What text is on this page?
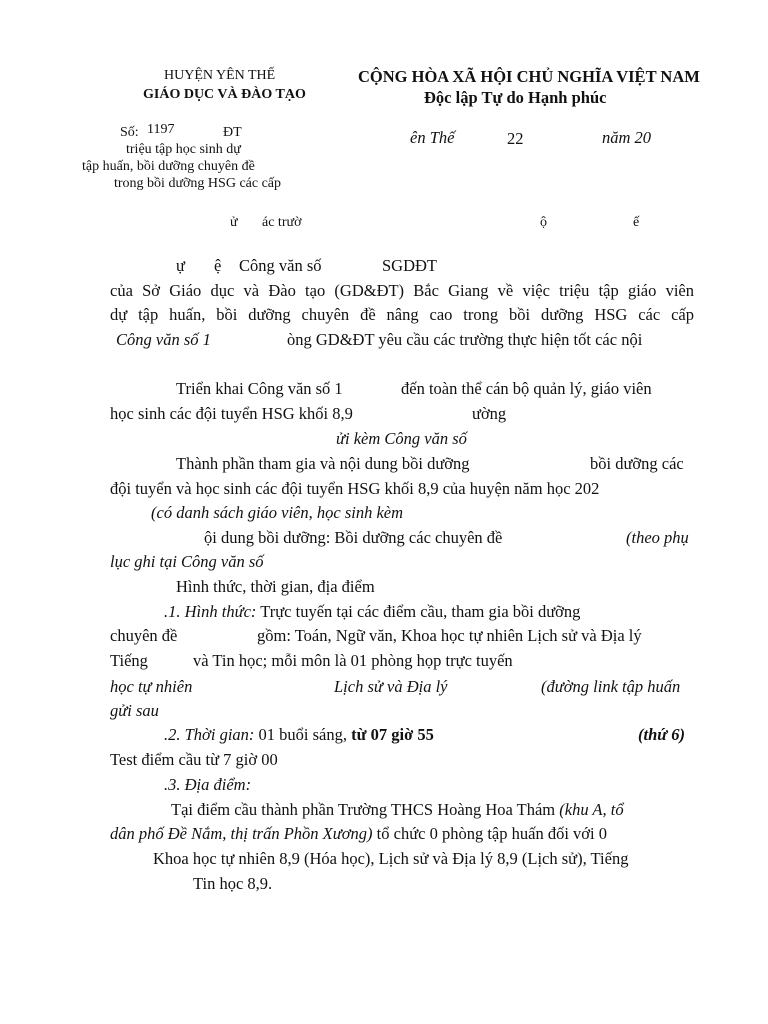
HUYỆN YÊN THẾ
GIÁO DỤC VÀ ĐÀO TẠO
CỘNG HÒA XÃ HỘI CHỦ NGHĨA VIỆT NAM
Độc lập Tự do Hạnh phúc
Số: 1197	ĐT
triệu tập học sinh dự
tập huấn, bồi dưỡng chuyên đề
trong bồi dưỡng HSG các cấp
ên Thế	22	năm 20
ử ác trườ	ộ	ế
ự ệ Công văn số	SGDĐT
của Sở Giáo dục và Đào tạo (GD&ĐT) Bắc Giang về việc triệu tập giáo viên
dự tập huấn, bồi dưỡng chuyên đề nâng cao trong bồi dưỡng HSG các cấp
Công văn số 1	òng GD&ĐT yêu cầu các trường thực hiện tốt các nội
Triển khai Công văn số 1	đến toàn thể cán bộ quản lý, giáo viên
học sinh các đội tuyển HSG khối 8,9	ường
ửi kèm Công văn số
Thành phần tham gia và nội dung bồi dưỡng	bồi dưỡng các
đội tuyển và học sinh các đội tuyển HSG khối 8,9 của huyện năm học 202
(có danh sách giáo viên, học sinh kèm
ội dung bồi dưỡng: Bồi dưỡng các chuyên đề	(theo phụ
lục ghi tại Công văn số
Hình thức, thời gian, địa điểm
.1. Hình thức: Trực tuyến tại các điểm cầu, tham gia bồi dưỡng
chuyên đề	gồm: Toán, Ngữ văn, Khoa học tự nhiên Lịch sử và Địa lý
Tiếng	và Tin học; mỗi môn là 01 phòng họp trực tuyến
học tự nhiên	Lịch sử và Địa lý	(đường link tập huấn
gửi sau
.2. Thời gian: 01 buổi sáng, từ 07 giờ 55	(thứ 6)
Test điểm cầu từ 7 giờ 00
.3. Địa điểm:
Tại điểm cầu thành phần Trường THCS Hoàng Hoa Thám (khu A, tổ
dân phố Đề Nắm, thị trấn Phồn Xương) tổ chức 0 phòng tập huấn đối với 0
Khoa học tự nhiên 8,9 (Hóa học), Lịch sử và Địa lý 8,9 (Lịch sử), Tiếng
Tin học 8,9.
